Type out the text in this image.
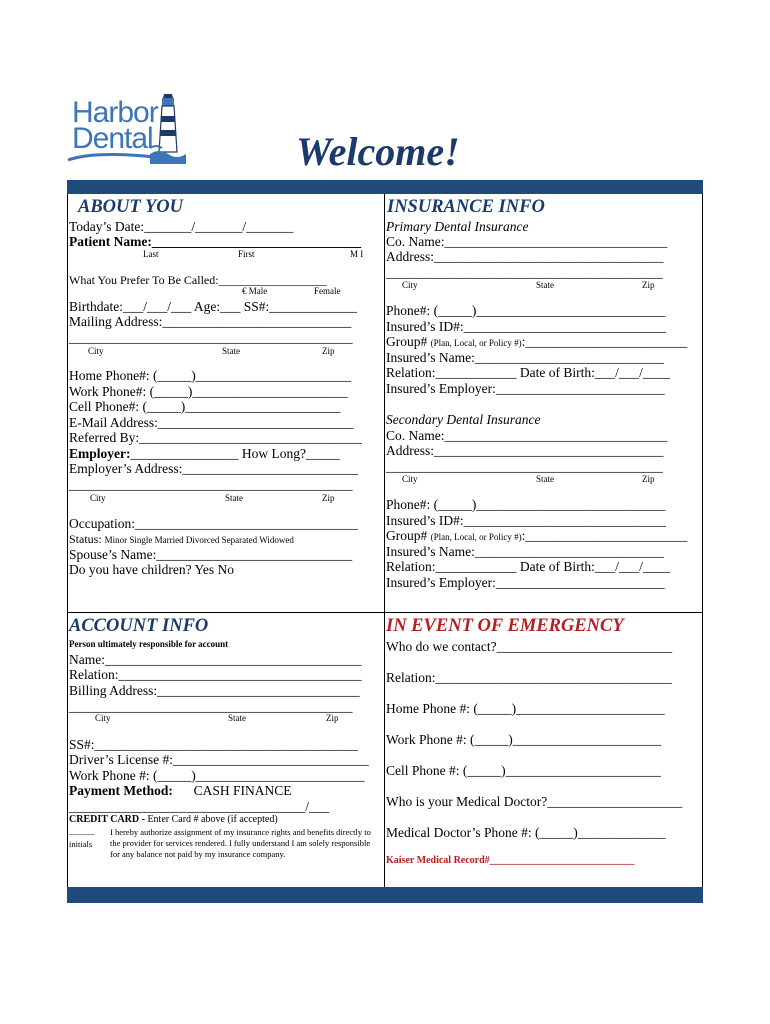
Harbor
Dental	Welcome!
ABOUT YOU
Today’s Date:_______/_______/_______
Patient Name:_______________________________
Last	First	M I
What You Prefer To Be Called:__________________
€ Male	Female
Birthdate:___/___/___ Age:___ SS#:_____________
Mailing Address:____________________________
__________________________________________
City	State	Zip
Home Phone#: (_____)_______________________
Work Phone#: (_____)_______________________
Cell Phone#: (_____)_______________________
E-Mail Address:_____________________________
Referred By:_________________________________
Employer:________________ How Long?_____
Employer’s Address:__________________________
__________________________________________
City	State	Zip
Occupation:_________________________________
Status: Minor Single Married Divorced Separated Widowed
Spouse’s Name:_____________________________
Do you have children? Yes No
INSURANCE INFO
Primary Dental Insurance
Co. Name:_________________________________
Address:__________________________________
_________________________________________
City	State	Zip
Phone#: (_____)____________________________
Insured’s ID#:______________________________
Group# (Plan, Local, or Policy #):________________________
Insured’s Name:____________________________
Relation:____________ Date of Birth:___/___/____
Insured’s Employer:_________________________
Secondary Dental Insurance
Co. Name:_________________________________
Address:__________________________________
_________________________________________
City	State	Zip
Phone#: (_____)____________________________
Insured’s ID#:______________________________
Group# (Plan, Local, or Policy #):________________________
Insured’s Name:____________________________
Relation:____________ Date of Birth:___/___/____
Insured’s Employer:_________________________
ACCOUNT INFO
Person ultimately responsible for account
Name:______________________________________
Relation:____________________________________
Billing Address:______________________________
__________________________________________
City	State	Zip
SS#:_______________________________________
Driver’s License #:_____________________________
Work Phone #: (_____)_________________________
Payment Method: CASH FINANCE
___________________________________/___
CREDIT CARD - Enter Card # above (if accepted)
______
initials
I hereby authorize assignment of my insurance rights and benefits directly to the provider for services rendered. I fully understand I am solely responsible for any balance not paid by my insurance company.
IN EVENT OF EMERGENCY
Who do we contact?__________________________
Relation:___________________________________
Home Phone #: (_____)______________________
Work Phone #: (_____)______________________
Cell Phone #: (_____)_______________________
Who is your Medical Doctor?____________________
Medical Doctor’s Phone #: (_____)_____________
Kaiser Medical Record#_____________________________
